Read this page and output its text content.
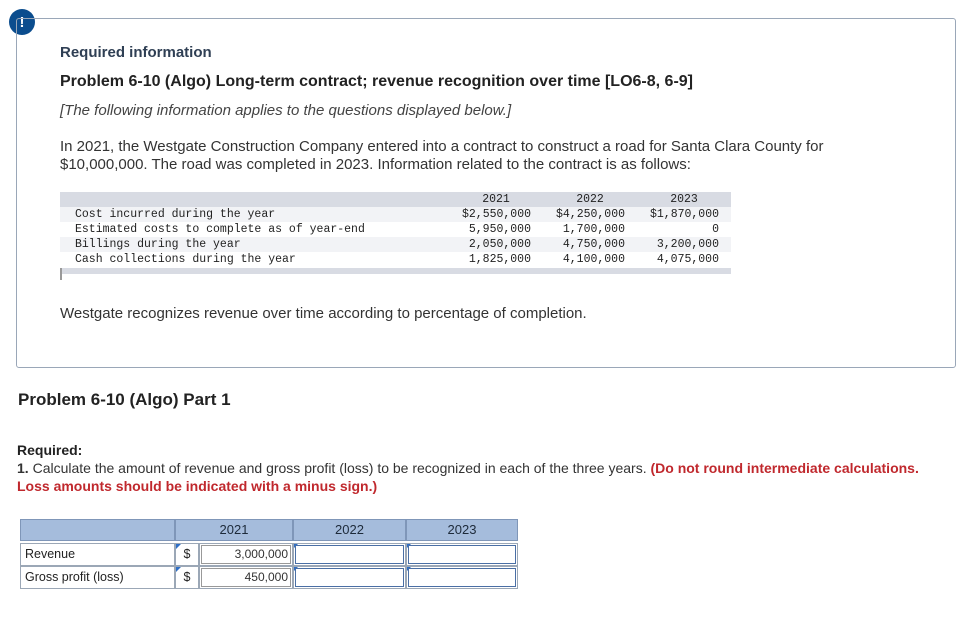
!
Required information
Problem 6-10 (Algo) Long-term contract; revenue recognition over time [LO6-8, 6-9]
[The following information applies to the questions displayed below.]
In 2021, the Westgate Construction Company entered into a contract to construct a road for Santa Clara County for $10,000,000. The road was completed in 2023. Information related to the contract is as follows:
2021	2022	2023
Cost incurred during the year	$2,550,000	$4,250,000	$1,870,000
Estimated costs to complete as of year-end	5,950,000	1,700,000	0
Billings during the year	2,050,000	4,750,000	3,200,000
Cash collections during the year	1,825,000	4,100,000	4,075,000
Westgate recognizes revenue over time according to percentage of completion.
Problem 6-10 (Algo) Part 1
Required:
1. Calculate the amount of revenue and gross profit (loss) to be recognized in each of the three years. (Do not round intermediate calculations. Loss amounts should be indicated with a minus sign.)
2021	2022	2023
Revenue	$	3,000,000
Gross profit (loss)	$	450,000
